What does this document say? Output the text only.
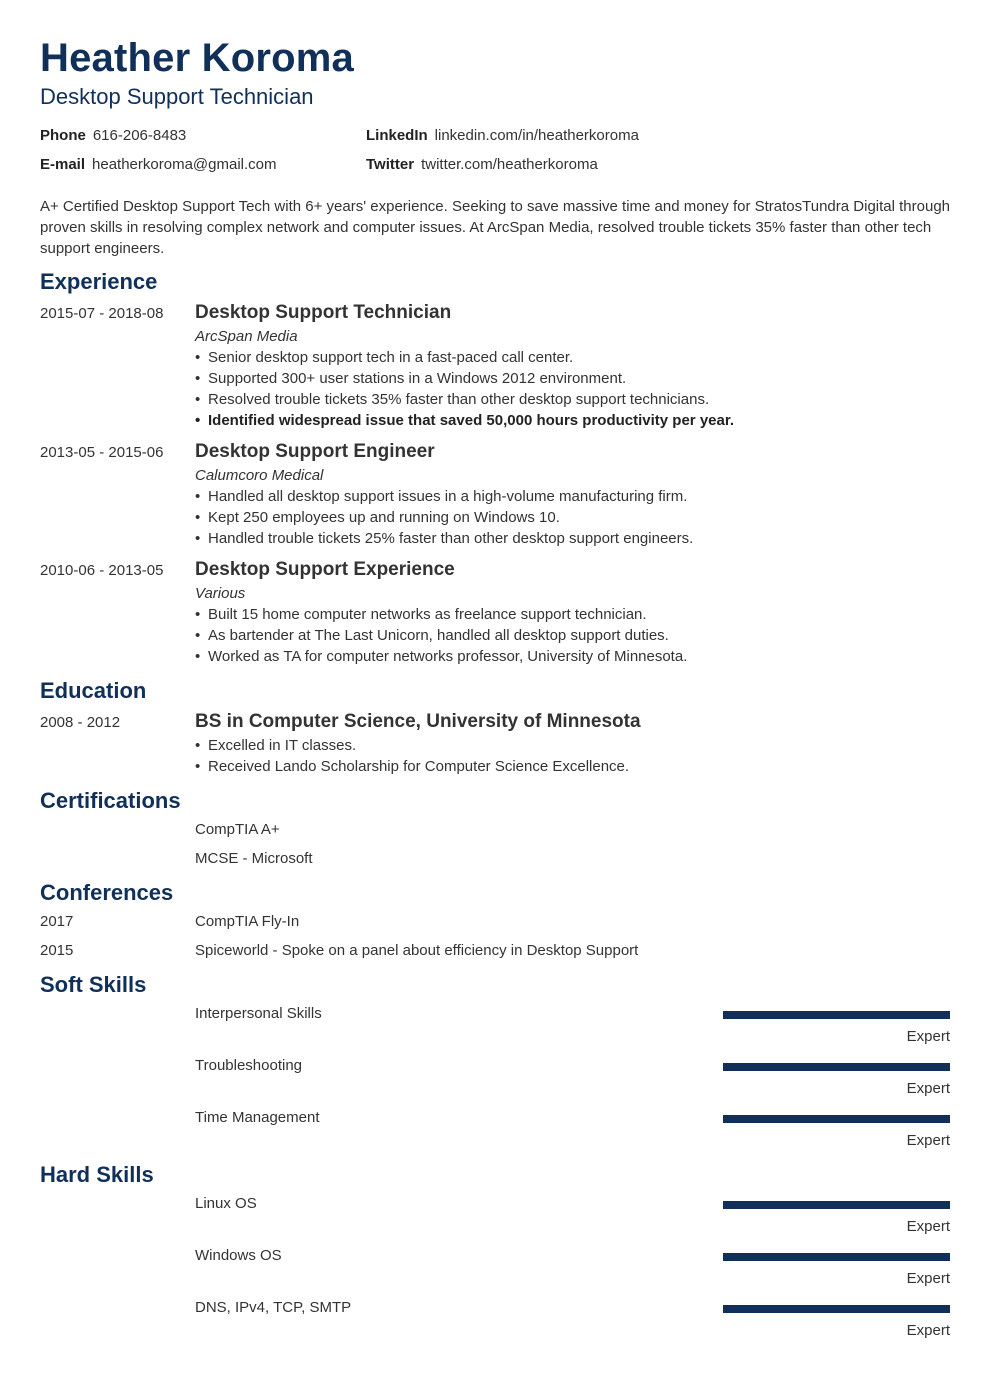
Heather Koroma
Desktop Support Technician
Phone 616-206-8483
E-mail heatherkoroma@gmail.com
LinkedIn linkedin.com/in/heatherkoroma
Twitter twitter.com/heatherkoroma
A+ Certified Desktop Support Tech with 6+ years' experience. Seeking to save massive time and money for StratosTundra Digital through proven skills in resolving complex network and computer issues. At ArcSpan Media, resolved trouble tickets 35% faster than other tech support engineers.
Experience
2015-07 - 2018-08 Desktop Support Technician
ArcSpan Media
• Senior desktop support tech in a fast-paced call center.
• Supported 300+ user stations in a Windows 2012 environment.
• Resolved trouble tickets 35% faster than other desktop support technicians.
• Identified widespread issue that saved 50,000 hours productivity per year.
2013-05 - 2015-06 Desktop Support Engineer
Calumcoro Medical
• Handled all desktop support issues in a high-volume manufacturing firm.
• Kept 250 employees up and running on Windows 10.
• Handled trouble tickets 25% faster than other desktop support engineers.
2010-06 - 2013-05 Desktop Support Experience
Various
• Built 15 home computer networks as freelance support technician.
• As bartender at The Last Unicorn, handled all desktop support duties.
• Worked as TA for computer networks professor, University of Minnesota.
Education
2008 - 2012	BS in Computer Science, University of Minnesota
• Excelled in IT classes.
• Received Lando Scholarship for Computer Science Excellence.
Certifications
CompTIA A+
MCSE - Microsoft
Conferences
2017	CompTIA Fly-In
2015	Spiceworld - Spoke on a panel about efficiency in Desktop Support
Soft Skills
Interpersonal Skills
Expert
Troubleshooting
Expert
Time Management
Expert
Hard Skills
Linux OS
Expert
Windows OS
Expert
DNS, IPv4, TCP, SMTP
Expert
